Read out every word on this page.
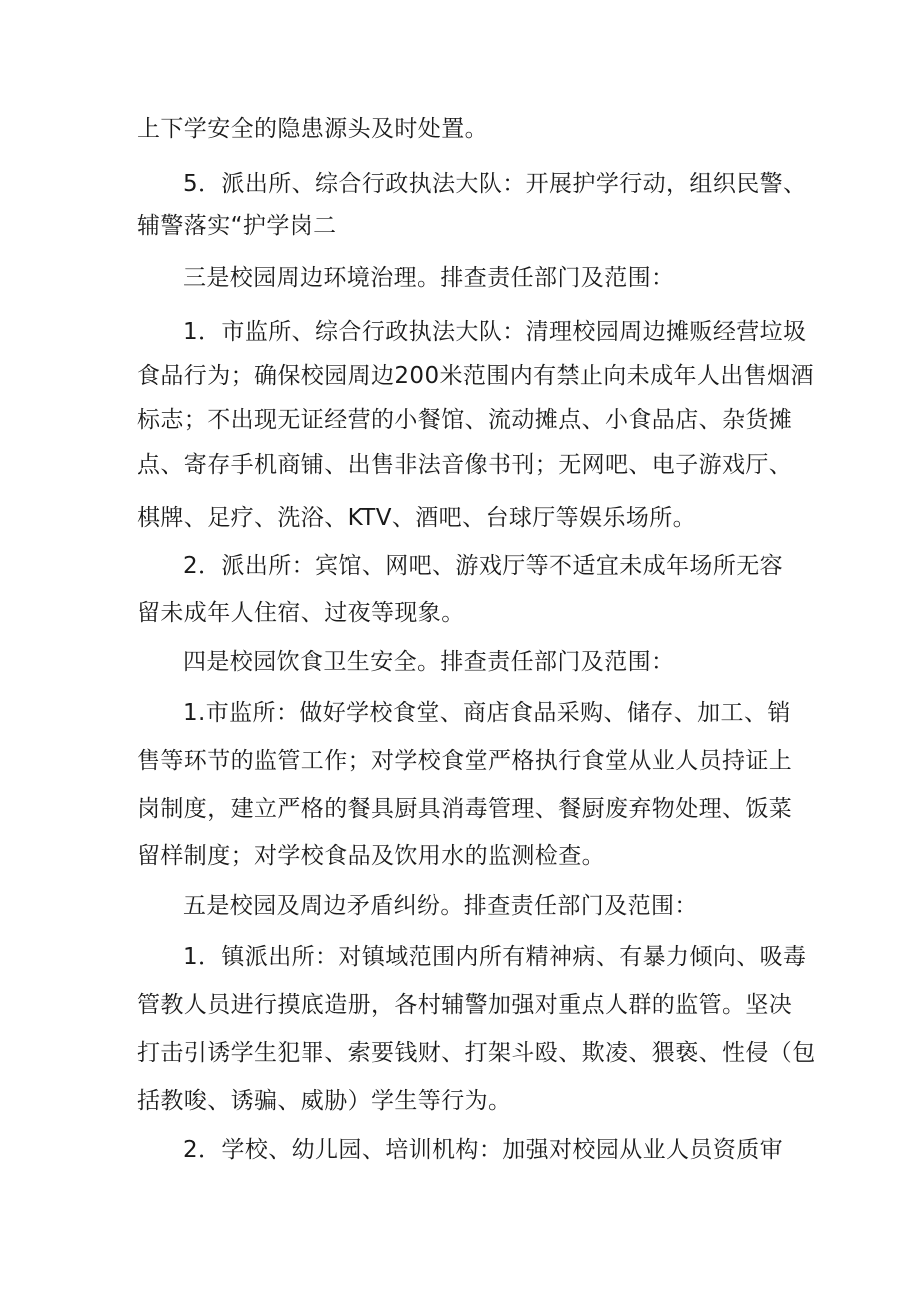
上下学安全的隐患源头及时处置。
5．派出所、综合行政执法大队：开展护学行动，组织民警、
辅警落实“护学岗二
三是校园周边环境治理。排查责任部门及范围：
1．市监所、综合行政执法大队：清理校园周边摊贩经营垃圾
食品行为；确保校园周边200米范围内有禁止向未成年人出售烟酒
标志；不出现无证经营的小餐馆、流动摊点、小食品店、杂货摊
点、寄存手机商铺、出售非法音像书刊；无网吧、电子游戏厅、
棋牌、足疗、洗浴、KTV、酒吧、台球厅等娱乐场所。
2．派出所：宾馆、网吧、游戏厅等不适宜未成年场所无容
留未成年人住宿、过夜等现象。
四是校园饮食卫生安全。排查责任部门及范围：
1.市监所：做好学校食堂、商店食品采购、储存、加工、销
售等环节的监管工作；对学校食堂严格执行食堂从业人员持证上
岗制度，建立严格的餐具厨具消毒管理、餐厨废弃物处理、饭菜
留样制度；对学校食品及饮用水的监测检查。
五是校园及周边矛盾纠纷。排查责任部门及范围：
1．镇派出所：对镇域范围内所有精神病、有暴力倾向、吸毒
管教人员进行摸底造册，各村辅警加强对重点人群的监管。坚决
打击引诱学生犯罪、索要钱财、打架斗殴、欺凌、猥亵、性侵（包
括教唆、诱骗、威胁）学生等行为。
2．学校、幼儿园、培训机构：加强对校园从业人员资质审
